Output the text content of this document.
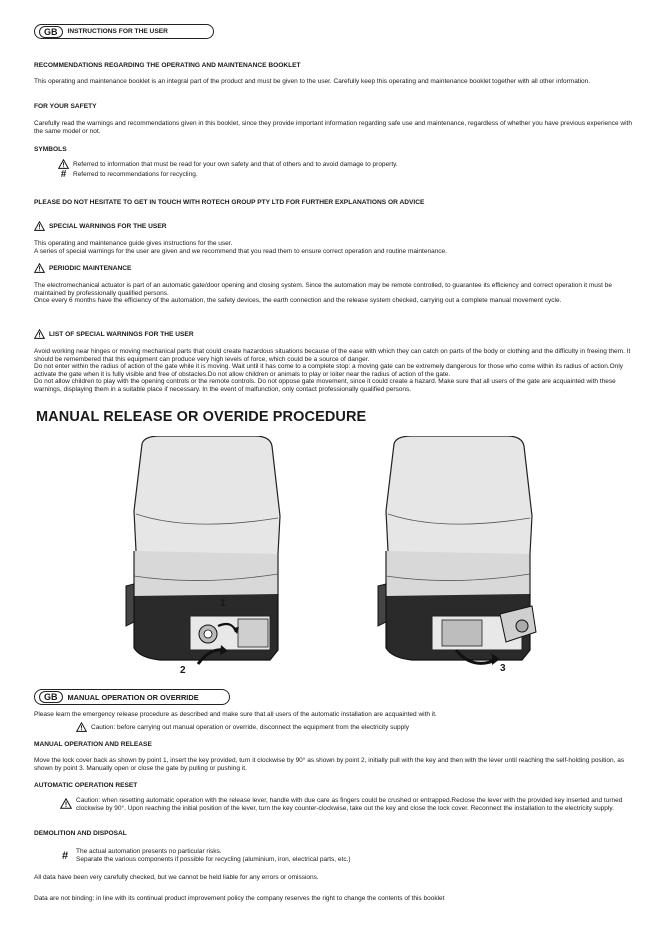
GB	INSTRUCTIONS FOR THE USER
RECOMMENDATIONS REGARDING THE OPERATING AND MAINTENANCE BOOKLET
This operating and maintenance booklet is an integral part of the product and must be given to the user. Carefully keep this operating and maintenance booklet together with all other information.
FOR YOUR SAFETY
Carefully read the warnings and recommendations given in this booklet, since they provide important information regarding safe use and maintenance, regardless of whether you have previous experience with the same model or not.
SYMBOLS
Referred to information that must be read for your own safety and that of others and to avoid damage to property.
#	Referred to recommendations for recycling.
PLEASE DO NOT HESITATE TO GET IN TOUCH WITH ROTECH GROUP PTY LTD FOR FURTHER EXPLANATIONS OR ADVICE
SPECIAL WARNINGS FOR THE USER
This operating and maintenance guide gives instructions for the user.
A series of special warnings for the user are given and we recommend that you read them to ensure correct operation and routine maintenance.
PERIODIC MAINTENANCE
The electromechanical actuator is part of an automatic gate/door opening and closing system. Since the automation may be remote controlled, to guarantee its efficiency and correct operation it must be maintained by professionally qualified persons.
Once every 6 months have the efficiency of the automation, the safety devices, the earth connection and the release system checked, carrying out a complete manual movement cycle.
LIST OF SPECIAL WARNINGS FOR THE USER
Avoid working near hinges or moving mechanical parts that could create hazardous situations because of the ease with which they can catch on parts of the body or clothing and the difficulty in freeing them. It should be remembered that this equipment can produce very high levels of force, which could be a source of danger.
Do not enter within the radius of action of the gate while it is moving. Wait until it has come to a complete stop: a moving gate can be extremely dangerous for those who come within its radius of action.Only activate the gate when it is fully visible and free of obstacles.Do not allow children or animals to play or loiter near the radius of action of the gate.
Do not allow children to play with the opening controls or the remote controls. Do not oppose gate movement, since it could create a hazard. Make sure that all users of the gate are acquainted with these warnings, displaying them in a suitable place if necessary. In the event of malfunction, only contact professionally qualified persons.
MANUAL RELEASE OR OVERIDE PROCEDURE
1
2	3
GB	MANUAL OPERATION OR OVERRIDE
Please learn the emergency release procedure as described and make sure that all users of the automatic installation are acquainted with it.
Caution: before carrying out manual operation or override, disconnect the equipment from the electricity supply
MANUAL OPERATION AND RELEASE
Move the lock cover back as shown by point 1, insert the key provided, turn it clockwise by 90° as shown by point 2, initially pull with the key and then with the lever until reaching the self-holding position, as shown by point 3. Manually open or close the gate by pulling or pushing it.
AUTOMATIC OPERATION RESET
Caution: when resetting automatic operation with the release lever, handle with due care as fingers could be crushed or entrapped.Reclose the lever with the provided key inserted and turned clockwise by 90°. Upon reaching the initial position of the lever, turn the key counter-clockwise, take out the key and close the lock cover. Reconnect the installation to the electricity supply.
DEMOLITION AND DISPOSAL
# The actual automation presents no particular risks.
Separate the various components if possible for recycling (aluminium, iron, electrical parts, etc.)
All data have been very carefully checked, but we cannot be held liable for any errors or omissions.
Data are not binding: in line with its continual product improvement policy the company reserves the right to change the contents of this booklet
